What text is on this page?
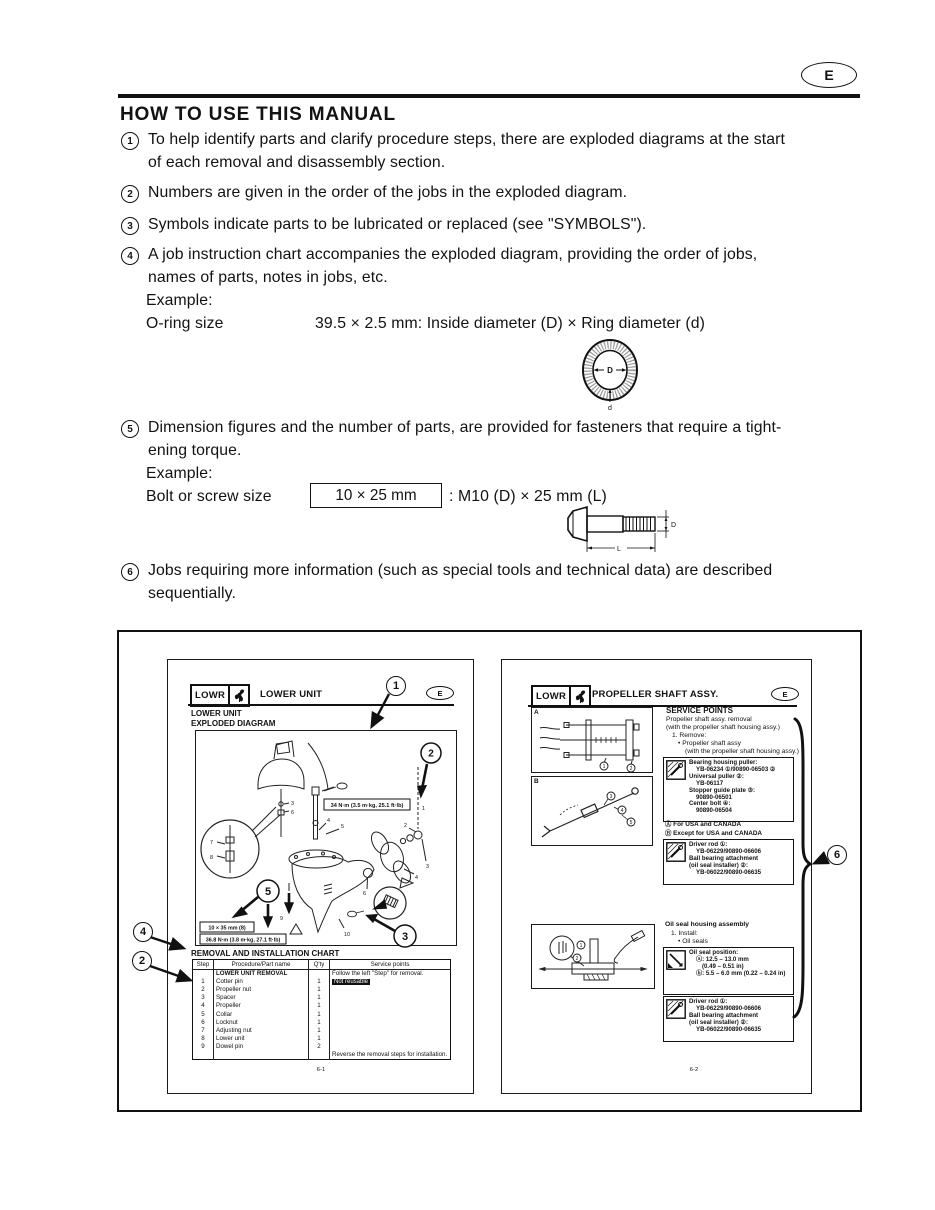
E
HOW TO USE THIS MANUAL
1 To help identify parts and clarify procedure steps, there are exploded diagrams at the start
of each removal and disassembly section.
2 Numbers are given in the order of the jobs in the exploded diagram.
3 Symbols indicate parts to be lubricated or replaced (see "SYMBOLS").
4 A job instruction chart accompanies the exploded diagram, providing the order of jobs,
names of parts, notes in jobs, etc.
Example:
O-ring size	39.5 × 2.5 mm: Inside diameter (D) × Ring diameter (d)
D
d
5 Dimension figures and the number of parts, are provided for fasteners that require a tight-
ening torque.
Example:
Bolt or screw size	10 × 25 mm : M10 (D) × 25 mm (L)
D
L
6 Jobs requiring more information (such as special tools and technical data) are described
sequentially.
LOWR	LOWER UNIT	E
LOWER UNIT
EXPLODED DIAGRAM
34 N·m (3.5 m·kg, 25.1 ft·lb)
10 × 35 mm (8)
36.8 N·m (3.8 m·kg, 27.1 ft·lb)
3
6
7
8
5
4
1
2
3
4
6
9
10
2
5
3
REMOVAL AND INSTALLATION CHART
Step	Procedure/Part name	Q'ty	Service points
	LOWER UNIT REMOVAL		Follow the left "Step" for removal.
1	Cotter pin	1	Not reusable
2	Propeller nut	1	
3	Spacer	1	
4	Propeller	1	
5	Collar	1	
6	Locknut	1	
7	Adjusting nut	1	
8	Lower unit	1	
9	Dowel pin	2	
			Reverse the removal steps for installation.
6-1
LOWR	PROPELLER SHAFT ASSY.	E
A
1	2
B
3
4
5
1
2
SERVICE POINTS
Propeller shaft assy. removal
(with the propeller shaft housing assy.)
1. Remove:
• Propeller shaft assy
(with the propeller shaft housing assy.)
Bearing housing puller:
YB-06234 ①/90890-06503 ②
Universal puller ②:
YB-06117
Stopper guide plate ③:
90890-06501
Center bolt ④:
90890-06504
Ⓐ For USA and CANADA
Ⓑ Except for USA and CANADA
Driver rod ①:
YB-06229/90890-06606
Ball bearing attachment
(oil seal installer) ②:
YB-06022/90890-06635
Oil seal housing assembly
1. Install:
• Oil seals
Oil seal position:
ⓐ: 12.5 – 13.0 mm
(0.49 – 0.51 in)
ⓑ: 5.5 – 6.0 mm (0.22 – 0.24 in)
Driver rod ①:
YB-06229/90890-06606
Ball bearing attachment
(oil seal installer) ②:
YB-06022/90890-06635
6-2
1
4
2
6
